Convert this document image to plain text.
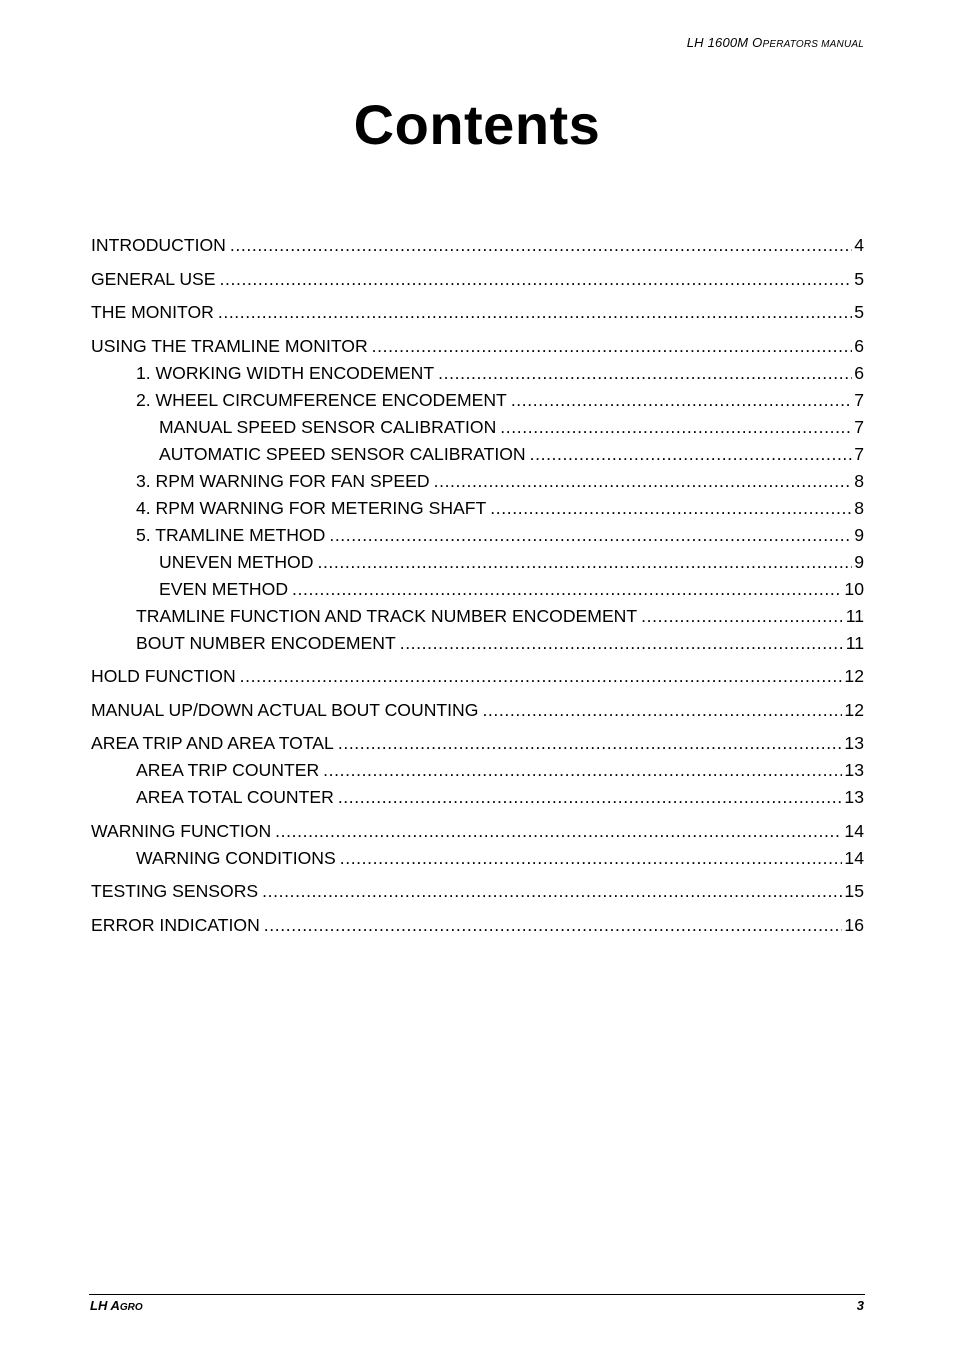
LH 1600M OPERATORS MANUAL
Contents
INTRODUCTION .....	4
GENERAL USE .....	5
THE MONITOR .....	5
USING THE TRAMLINE MONITOR .....	6
1. WORKING WIDTH ENCODEMENT .....	6
2. WHEEL CIRCUMFERENCE ENCODEMENT .....	7
MANUAL SPEED SENSOR CALIBRATION .....	7
AUTOMATIC SPEED SENSOR CALIBRATION .....	7
3. RPM WARNING FOR FAN SPEED .....	8
4. RPM WARNING FOR METERING SHAFT .....	8
5. TRAMLINE METHOD .....	9
UNEVEN METHOD .....	9
EVEN METHOD .....	10
TRAMLINE FUNCTION AND TRACK NUMBER ENCODEMENT .....	11
BOUT NUMBER ENCODEMENT .....	11
HOLD FUNCTION .....	12
MANUAL UP/DOWN ACTUAL BOUT COUNTING .....	12
AREA TRIP AND AREA TOTAL .....	13
AREA TRIP COUNTER .....	13
AREA TOTAL COUNTER .....	13
WARNING FUNCTION .....	14
WARNING CONDITIONS .....	14
TESTING SENSORS .....	15
ERROR INDICATION .....	16
LH AGRO	3
